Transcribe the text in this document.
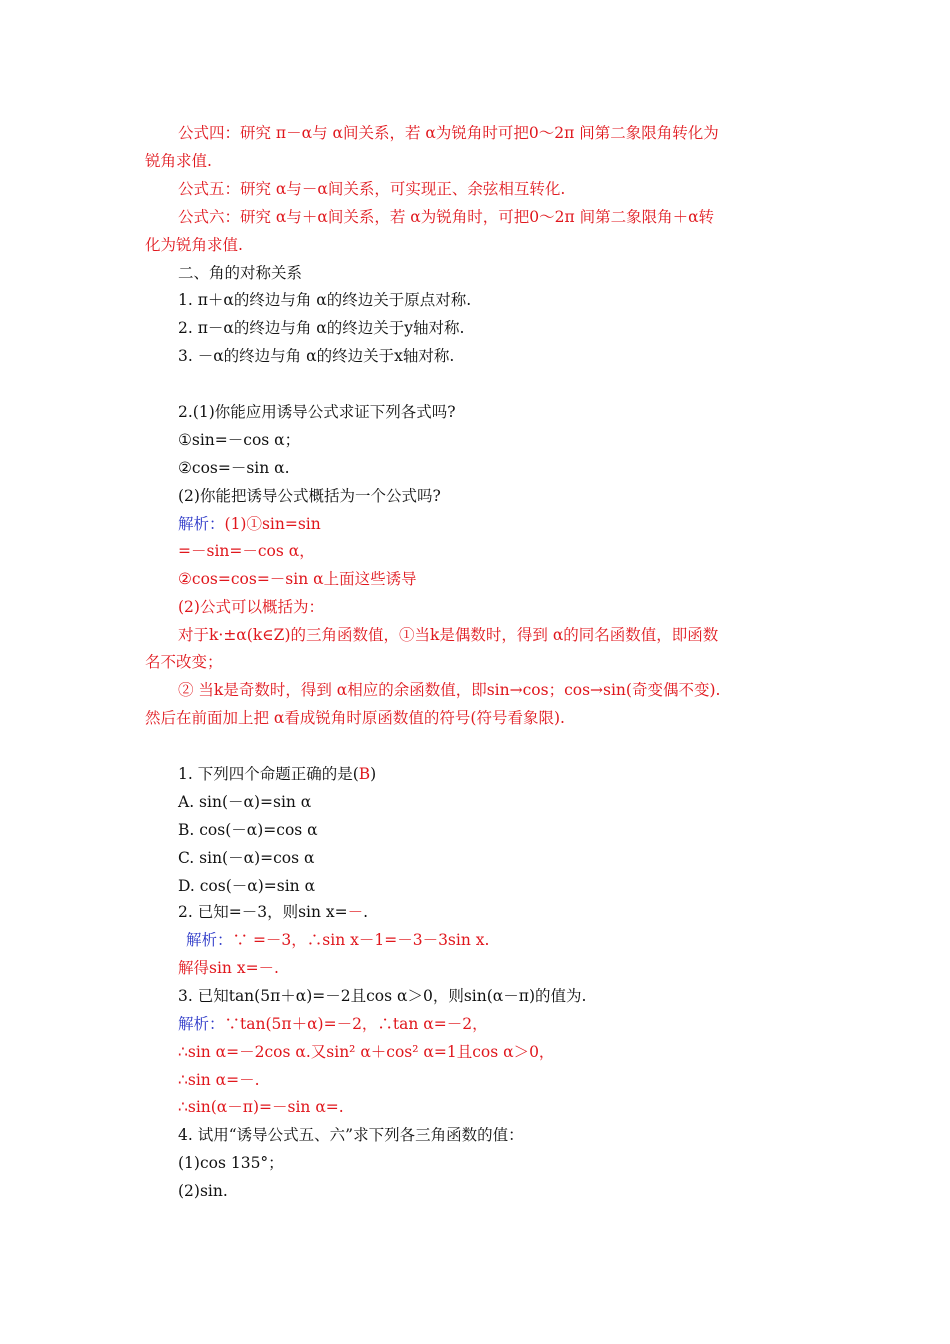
公式四：研究 π－α与 α间关系，若 α为锐角时可把0～2π 间第二象限角转化为
锐角求值.
公式五：研究 α与－α间关系，可实现正、余弦相互转化.
公式六：研究 α与＋α间关系，若 α为锐角时，可把0～2π 间第二象限角＋α转
化为锐角求值.
二、角的对称关系
1. π＋α的终边与角 α的终边关于原点对称.
2. π－α的终边与角 α的终边关于y轴对称.
3. －α的终边与角 α的终边关于x轴对称.
2.(1)你能应用诱导公式求证下列各式吗?
①sin=－cos α；
②cos=－sin α.
(2)你能把诱导公式概括为一个公式吗?
解析：(1)①sin=sin
=－sin=－cos α，
②cos=cos=－sin α上面这些诱导
(2)公式可以概括为：
对于k·±α(k∈Z)的三角函数值，①当k是偶数时，得到 α的同名函数值，即函数
名不改变；
② 当k是奇数时，得到 α相应的余函数值，即sin→cos；cos→sin(奇变偶不变).
然后在前面加上把 α看成锐角时原函数值的符号(符号看象限).
1. 下列四个命题正确的是(B)
A. sin(－α)=sin α
B. cos(－α)=cos α
C. sin(－α)=cos α
D. cos(－α)=sin α
2. 已知=－3，则sin x=－.
解析：∵ =－3，∴sin x－1=－3－3sin x.
解得sin x=－.
3. 已知tan(5π＋α)=－2且cos α＞0，则sin(α－π)的值为.
解析：∵tan(5π＋α)=－2，∴tan α=－2，
∴sin α=－2cos α.又sin² α＋cos² α=1且cos α＞0，
∴sin α=－.
∴sin(α－π)=－sin α=.
4. 试用“诱导公式五、六”求下列各三角函数的值：
(1)cos 135°；
(2)sin.
